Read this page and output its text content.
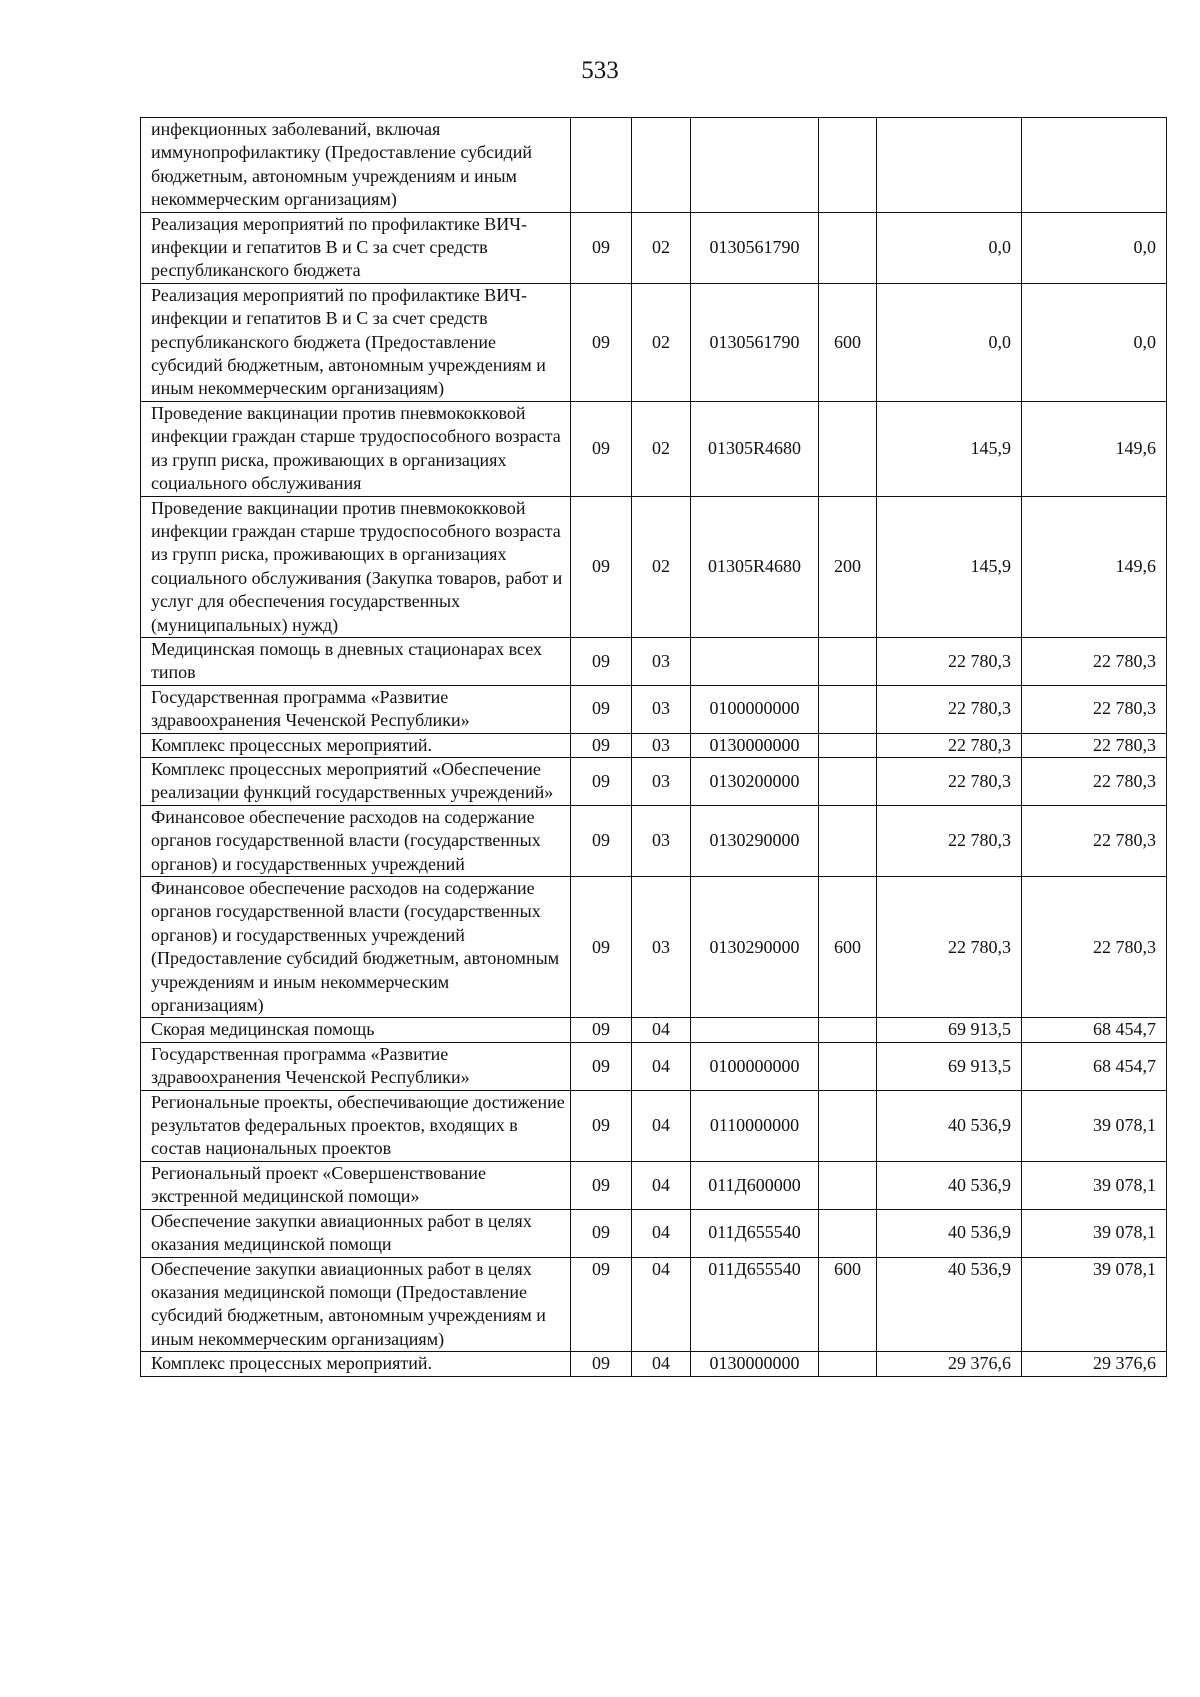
533
инфекционных заболеваний, включая иммунопрофилактику (Предоставление субсидий бюджетным, автономным учреждениям и иным некоммерческим организациям)						
Реализация мероприятий по профилактике ВИЧ-инфекции и гепатитов В и С за счет средств республиканского бюджета	09	02	0130561790		0,0	0,0
Реализация мероприятий по профилактике ВИЧ-инфекции и гепатитов В и С за счет средств республиканского бюджета (Предоставление субсидий бюджетным, автономным учреждениям и иным некоммерческим организациям)	09	02	0130561790	600	0,0	0,0
Проведение вакцинации против пневмококковой инфекции граждан старше трудоспособного возраста из групп риска, проживающих в организациях социального обслуживания	09	02	01305R4680		145,9	149,6
Проведение вакцинации против пневмококковой инфекции граждан старше трудоспособного возраста из групп риска, проживающих в организациях социального обслуживания (Закупка товаров, работ и услуг для обеспечения государственных (муниципальных) нужд)	09	02	01305R4680	200	145,9	149,6
Медицинская помощь в дневных стационарах всех типов	09	03			22 780,3	22 780,3
Государственная программа «Развитие здравоохранения Чеченской Республики»	09	03	0100000000		22 780,3	22 780,3
Комплекс процессных мероприятий.	09	03	0130000000		22 780,3	22 780,3
Комплекс процессных мероприятий «Обеспечение реализации функций государственных учреждений»	09	03	0130200000		22 780,3	22 780,3
Финансовое обеспечение расходов на содержание органов государственной власти (государственных органов) и государственных учреждений	09	03	0130290000		22 780,3	22 780,3
Финансовое обеспечение расходов на содержание органов государственной власти (государственных органов) и государственных учреждений (Предоставление субсидий бюджетным, автономным учреждениям и иным некоммерческим организациям)	09	03	0130290000	600	22 780,3	22 780,3
Скорая медицинская помощь	09	04			69 913,5	68 454,7
Государственная программа «Развитие здравоохранения Чеченской Республики»	09	04	0100000000		69 913,5	68 454,7
Региональные проекты, обеспечивающие достижение результатов федеральных проектов, входящих в состав национальных проектов	09	04	0110000000		40 536,9	39 078,1
Региональный проект «Совершенствование экстренной медицинской помощи»	09	04	011Д600000		40 536,9	39 078,1
Обеспечение закупки авиационных работ в целях оказания медицинской помощи	09	04	011Д655540		40 536,9	39 078,1
Обеспечение закупки авиационных работ в целях оказания медицинской помощи (Предоставление субсидий бюджетным, автономным учреждениям и иным некоммерческим организациям)	09	04	011Д655540	600	40 536,9	39 078,1
Комплекс процессных мероприятий.	09	04	0130000000		29 376,6	29 376,6
